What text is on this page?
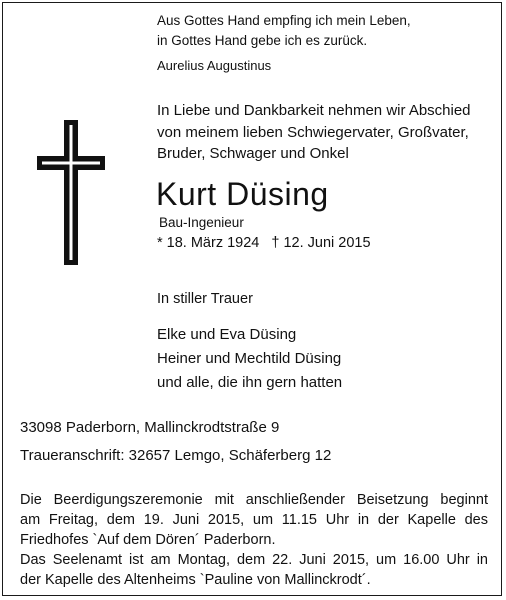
Aus Gottes Hand empfing ich mein Leben,
in Gottes Hand gebe ich es zurück.
Aurelius Augustinus
In Liebe und Dankbarkeit nehmen wir Abschied
von meinem lieben Schwiegervater, Großvater,
Bruder, Schwager und Onkel
Kurt Düsing
Bau-Ingenieur
* 18. März 1924 † 12. Juni 2015
In stiller Trauer
Elke und Eva Düsing
Heiner und Mechtild Düsing
und alle, die ihn gern hatten
33098 Paderborn, Mallinckrodtstraße 9
Traueranschrift: 32657 Lemgo, Schäferberg 12
Die Beerdigungszeremonie mit anschließender Beisetzung beginnt
am Freitag, dem 19. Juni 2015, um 11.15 Uhr in der Kapelle des
Friedhofes `Auf dem Dören´ Paderborn.
Das Seelenamt ist am Montag, dem 22. Juni 2015, um 16.00 Uhr in
der Kapelle des Altenheims `Pauline von Mallinckrodt´.
